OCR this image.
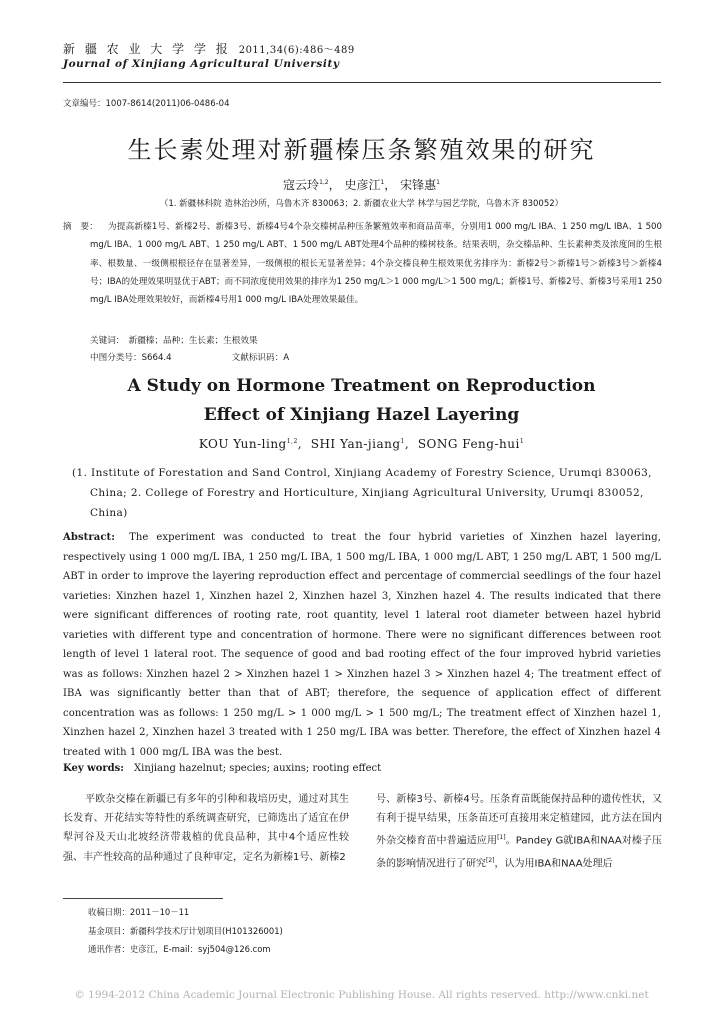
新 疆 农 业 大 学 学 报 2011,34(6):486～489
Journal of Xinjiang Agricultural University
文章编号：1007-8614(2011)06-0486-04
生长素处理对新疆榛压条繁殖效果的研究
寇云玲$^{1,2}$， 史彦江$^1$， 宋锋惠$^1$
（1. 新疆林科院 造林治沙所，乌鲁木齐 830063；2. 新疆农业大学 林学与园艺学院，乌鲁木齐 830052）
摘　要： 为提高新榛1号、新榛2号、新榛3号、新榛4号4个杂交榛树品种压条繁殖效率和商品苗率，分别用1 000 mg/L IBA、1 250 mg/L IBA、1 500 mg/L IBA、1 000 mg/L ABT、1 250 mg/L ABT、1 500 mg/L ABT处理4个品种的榛树枝条。结果表明，杂交榛品种、生长素种类及浓度间的生根率、根数量、一级侧根根径存在显著差异，一级侧根的根长无显著差异；4个杂交榛良种生根效果优劣排序为：新榛2号＞新榛1号＞新榛3号＞新榛4号；IBA的处理效果明显优于ABT；而不同浓度使用效果的排序为1 250 mg/L＞1 000 mg/L＞1 500 mg/L；新榛1号、新榛2号、新榛3号采用1 250 mg/L IBA处理效果较好，而新榛4号用1 000 mg/L IBA处理效果最佳。
关键词：　新疆榛；品种；生长素；生根效果
中图分类号：S664.4	文献标识码：A
A Study on Hormone Treatment on Reproduction
Effect of Xinjiang Hazel Layering
KOU Yun-ling$^{1,2}$,  SHI Yan-jiang$^1$,  SONG Feng-hui$^1$
(1. Institute of Forestation and Sand Control, Xinjiang Academy of Forestry Science, Urumqi 830063, China; 2. College of Forestry and Horticulture, Xinjiang Agricultural University, Urumqi 830052, China)
Abstract: The experiment was conducted to treat the four hybrid varieties of Xinzhen hazel layering, respectively using 1 000 mg/L IBA, 1 250 mg/L IBA, 1 500 mg/L IBA, 1 000 mg/L ABT, 1 250 mg/L ABT, 1 500 mg/L ABT in order to improve the layering reproduction effect and percentage of commercial seedlings of the four hazel varieties: Xinzhen hazel 1, Xinzhen hazel 2, Xinzhen hazel 3, Xinzhen hazel 4. The results indicated that there were significant differences of rooting rate, root quantity, level 1 lateral root diameter between hazel hybrid varieties with different type and concentration of hormone. There were no significant differences between root length of level 1 lateral root. The sequence of good and bad rooting effect of the four improved hybrid varieties was as follows: Xinzhen hazel 2 > Xinzhen hazel 1 > Xinzhen hazel 3 > Xinzhen hazel 4; The treatment effect of IBA was significantly better than that of ABT; therefore, the sequence of application effect of different concentration was as follows: 1 250 mg/L > 1 000 mg/L > 1 500 mg/L; The treatment effect of Xinzhen hazel 1, Xinzhen hazel 2, Xinzhen hazel 3 treated with 1 250 mg/L IBA was better. Therefore, the effect of Xinzhen hazel 4 treated with 1 000 mg/L IBA was the best.
Key words: Xinjiang hazelnut; species; auxins; rooting effect
平欧杂交榛在新疆已有多年的引种和栽培历史，通过对其生长发育、开花结实等特性的系统调查研究，已筛选出了适宜在伊犁河谷及天山北坡经济带栽植的优良品种，其中4个适应性较强、丰产性较高的品种通过了良种审定，定名为新榛1号、新榛2
号、新榛3号、新榛4号。压条育苗既能保持品种的遗传性状，又有利于提早结果，压条苗还可直接用来定植建园，此方法在国内外杂交榛育苗中普遍适应用[1]。Pandey G就IBA和NAA对榛子压条的影响情况进行了研究[2]，认为用IBA和NAA处理后
收稿日期：2011－10－11
基金项目：新疆科学技术厅计划项目(H101326001)
通讯作者：史彦江，E-mail：syj504@126.com
© 1994-2012 China Academic Journal Electronic Publishing House. All rights reserved. http://www.cnki.net
